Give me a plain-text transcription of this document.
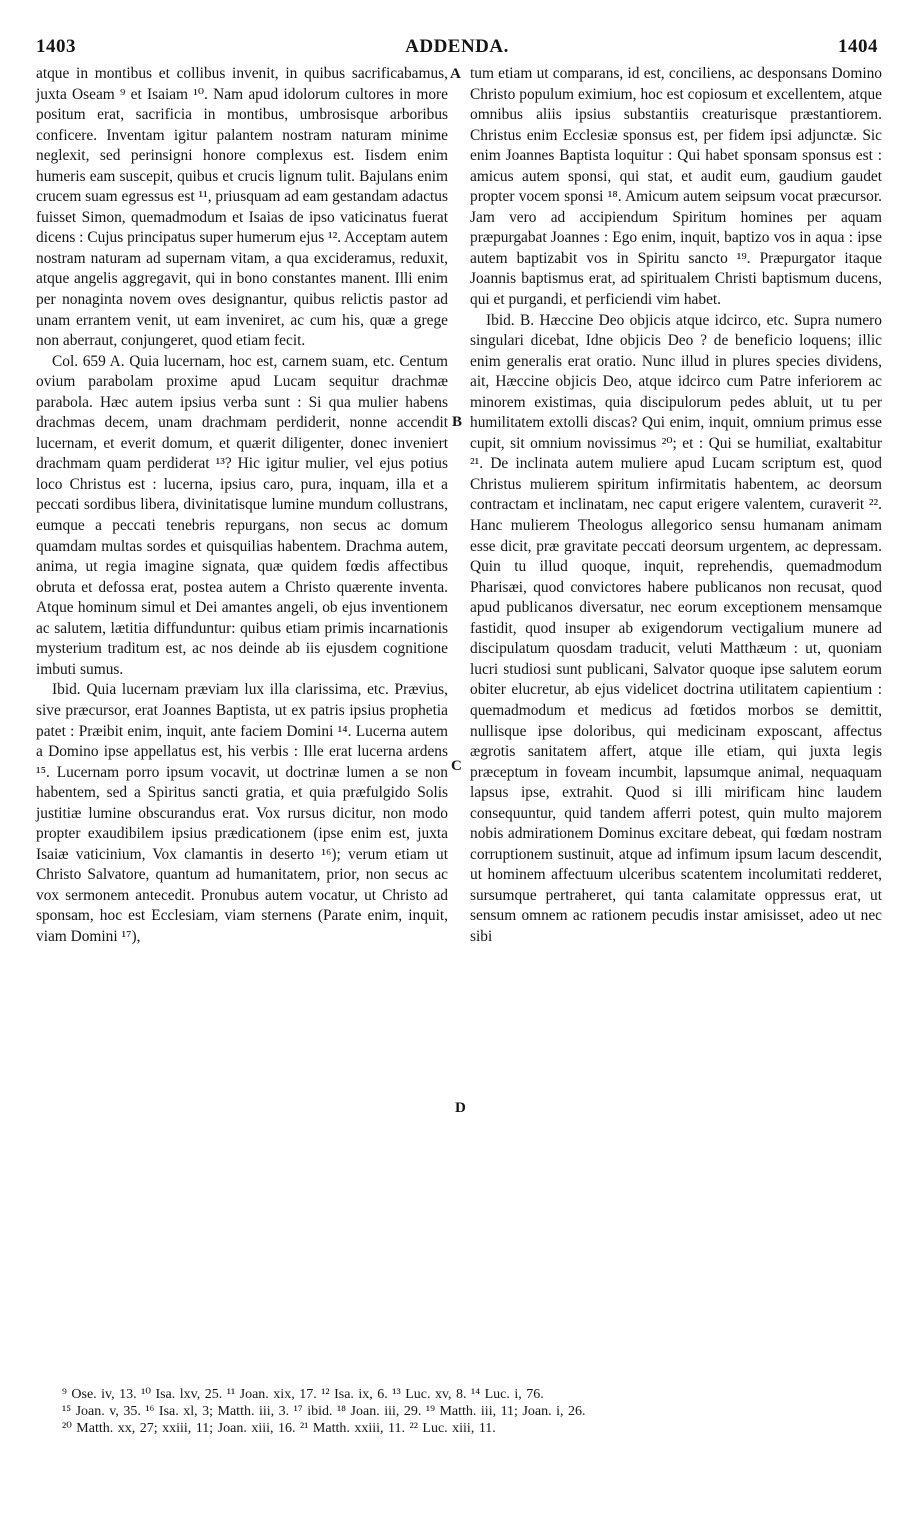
1403	ADDENDA.	1404

atque in montibus et collibus invenit, in quibus sacrificabamus, juxta Oseam ⁹ et Isaiam ¹⁰. Nam apud idolorum cultores in more positum erat, sacrificia in montibus, umbrosisque arboribus conficere. Inventam igitur palantem nostram naturam minime neglexit, sed perinsigni honore complexus est. Iisdem enim humeris eam suscepit, quibus et crucis lignum tulit. Bajulans enim crucem suam egressus est ¹¹, priusquam ad eam gestandam adactus fuisset Simon, quemadmodum et Isaias de ipso vaticinatus fuerat dicens : Cujus principatus super humerum ejus ¹². Acceptam autem nostram naturam ad supernam vitam, a qua excideramus, reduxit, atque angelis aggregavit, qui in bono constantes manent. Illi enim per nonaginta novem oves designantur, quibus relictis pastor ad unam errantem venit, ut eam inveniret, ac cum his, quæ a grege non aberraut, conjungeret, quod etiam fecit.

Col. 659 A. Quia lucernam, hoc est, carnem suam, etc. Centum ovium parabolam proxime apud Lucam sequitur drachmæ parabola. Hæc autem ipsius verba sunt : Si qua mulier habens drachmas decem, unam drachmam perdiderit, nonne accendit lucernam, et everit domum, et quærit diligenter, donec inveniert drachmam quam perdiderat ¹³? Hic igitur mulier, vel ejus potius loco Christus est : lucerna, ipsius caro, pura, inquam, illa et a peccati sordibus libera, divinitatisque lumine mundum collustrans, eumque a peccati tenebris repurgans, non secus ac domum quamdam multas sordes et quisquilias habentem. Drachma autem, anima, ut regia imagine signata, quæ quidem fœdis affectibus obruta et defossa erat, postea autem a Christo quærente inventa. Atque hominum simul et Dei amantes angeli, ob ejus inventionem ac salutem, lætitia diffunduntur: quibus etiam primis incarnationis mysterium traditum est, ac nos deinde ab iis ejusdem cognitione imbuti sumus.

Ibid. Quia lucernam præviam lux illa clarissima, etc. Prævius, sive præcursor, erat Joannes Baptista, ut ex patris ipsius prophetia patet : Præibit enim, inquit, ante faciem Domini ¹⁴. Lucerna autem a Domino ipse appellatus est, his verbis : Ille erat lucerna ardens ¹⁵. Lucernam porro ipsum vocavit, ut doctrinæ lumen a se non habentem, sed a Spiritus sancti gratia, et quia præfulgido Solis justitiæ lumine obscurandus erat. Vox rursus dicitur, non modo propter exaudibilem ipsius prædicationem (ipse enim est, juxta Isaiæ vaticinium, Vox clamantis in deserto ¹⁶); verum etiam ut Christo Salvatore, quantum ad humanitatem, prior, non secus ac vox sermonem antecedit. Pronubus autem vocatur, ut Christo ad sponsam, hoc est Ecclesiam, viam sternens (Parate enim, inquit, viam Domini ¹⁷),

tum etiam ut comparans, id est, conciliens, ac desponsans Domino Christo populum eximium, hoc est copiosum et excellentem, atque omnibus aliis ipsius substantiis creaturisque præstantiorem. Christus enim Ecclesiæ sponsus est, per fidem ipsi adjunctæ. Sic enim Joannes Baptista loquitur : Qui habet sponsam sponsus est : amicus autem sponsi, qui stat, et audit eum, gaudium gaudet propter vocem sponsi ¹⁸. Amicum autem seipsum vocat præcursor. Jam vero ad accipiendum Spiritum homines per aquam præpurgabat Joannes : Ego enim, inquit, baptizo vos in aqua : ipse autem baptizabit vos in Spiritu sancto ¹⁹. Præpurgator itaque Joannis baptismus erat, ad spiritualem Christi baptismum ducens, qui et purgandi, et perficiendi vim habet.

Ibid. B. Hæccine Deo objicis atque idcirco, etc. Supra numero singulari dicebat, Idne objicis Deo ? de beneficio loquens; illic enim generalis erat oratio. Nunc illud in plures species dividens, ait, Hæccine objicis Deo, atque idcirco cum Patre inferiorem ac minorem existimas, quia discipulorum pedes abluit, ut tu per humilitatem extolli discas? Qui enim, inquit, omnium primus esse cupit, sit omnium novissimus ²⁰; et : Qui se humiliat, exaltabitur ²¹. De inclinata autem muliere apud Lucam scriptum est, quod Christus mulierem spiritum infirmitatis habentem, ac deorsum contractam et inclinatam, nec caput erigere valentem, curaverit ²². Hanc mulierem Theologus allegorico sensu humanam animam esse dicit, præ gravitate peccati deorsum urgentem, ac depressam. Quin tu illud quoque, inquit, reprehendis, quemadmodum Pharisæi, quod convictores habere publicanos non recusat, quod apud publicanos diversatur, nec eorum exceptionem mensamque fastidit, quod insuper ab exigendorum vectigalium munere ad discipulatum quosdam traducit, veluti Matthæum : ut, quoniam lucri studiosi sunt publicani, Salvator quoque ipse salutem eorum obiter elucretur, ab ejus videlicet doctrina utilitatem capientium : quemadmodum et medicus ad fœtidos morbos se demittit, nullisque ipse doloribus, qui medicinam exposcant, affectus ægrotis sanitatem affert, atque ille etiam, qui juxta legis præceptum in foveam incumbit, lapsumque animal, nequaquam lapsus ipse, extrahit. Quod si illi mirificam hinc laudem consequuntur, quid tandem afferri potest, quin multo majorem nobis admirationem Dominus excitare debeat, qui fœdam nostram corruptionem sustinuit, atque ad infimum ipsum lacum descendit, ut hominem affectuum ulceribus scatentem incolumitati redderet, sursumque pertraheret, qui tanta calamitate oppressus erat, ut sensum omnem ac rationem pecudis instar amisisset, adeo ut nec sibi

A
B
C
D
⁹ Ose. iv, 13. ¹⁰ Isa. lxv, 25. ¹¹ Joan. xix, 17. ¹² Isa. ix, 6. ¹³ Luc. xv, 8. ¹⁴ Luc. i, 76.
¹⁵ Joan. v, 35. ¹⁶ Isa. xl, 3; Matth. iii, 3. ¹⁷ ibid. ¹⁸ Joan. iii, 29. ¹⁹ Matth. iii, 11; Joan. i, 26.
²⁰ Matth. xx, 27; xxiii, 11; Joan. xiii, 16. ²¹ Matth. xxiii, 11. ²² Luc. xiii, 11.
